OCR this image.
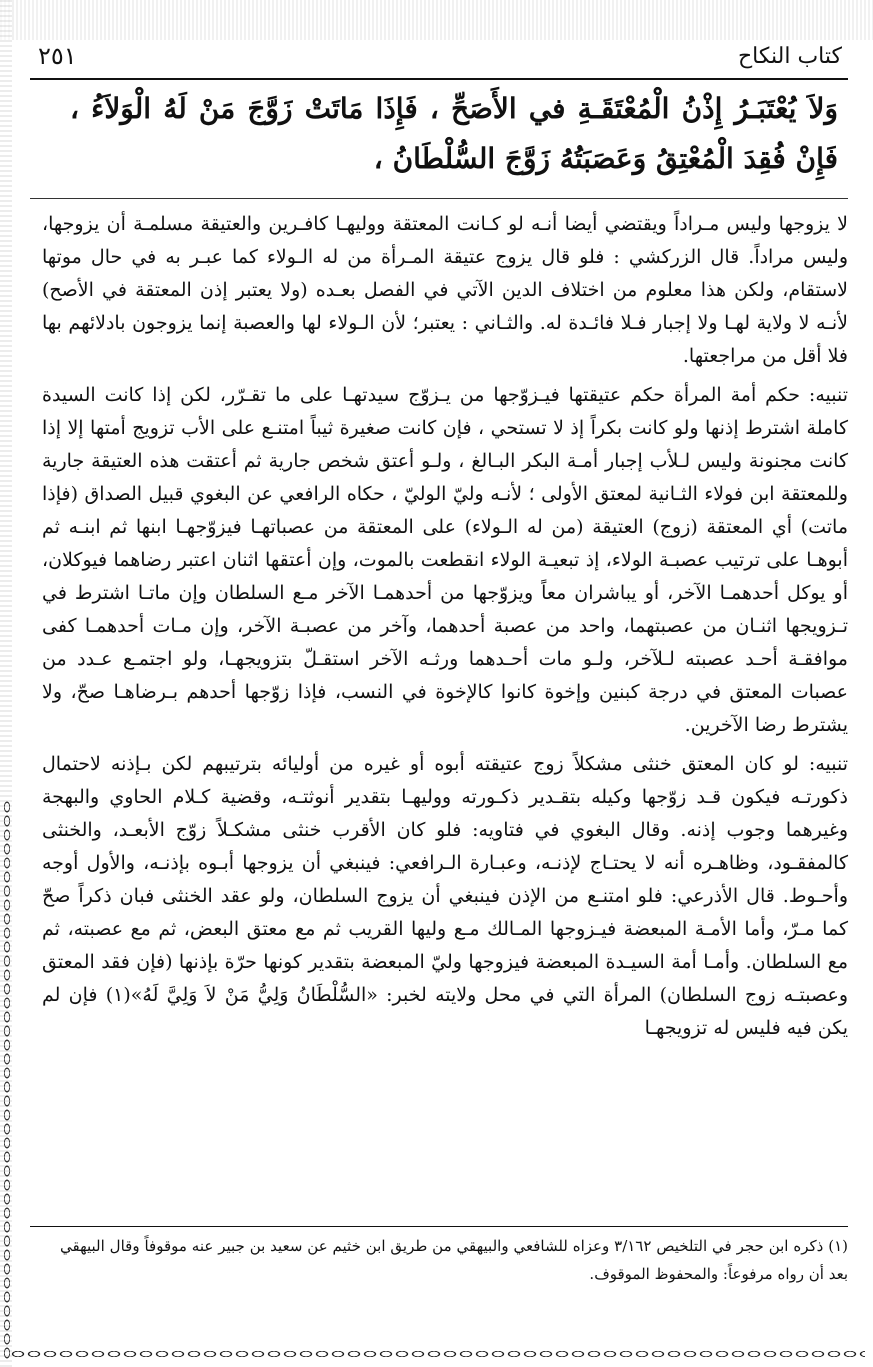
٢٥١	كتاب النكاح
وَلاَ يُعْتَبَـرُ إِذْنُ الْمُعْتَقَـةِ في الأَصَحِّ ، فَإِذَا مَاتَتْ زَوَّجَ مَنْ لَهُ الْوَلاَءُ ، فَإِنْ فُقِدَ الْمُعْتِقُ وَعَصَبَتُهُ زَوَّجَ السُّلْطَانُ ،

لا يزوجها وليس مـراداً ويقتضي أيضا أنـه لو كـانت المعتقة ووليهـا كافـرين والعتيقة مسلمـة أن يزوجها، وليس مراداً. قال الزركشي : فلو قال يزوج عتيقة المـرأة من له الـولاء كما عبـر به في حال موتها لاستقام، ولكن هذا معلوم من اختلاف الدين الآتي في الفصل بعـده (ولا يعتبر إذن المعتقة في الأصح) لأنـه لا ولاية لهـا ولا إجبار فـلا فائـدة له. والثـاني : يعتبر؛ لأن الـولاء لها والعصبة إنما يزوجون بادلائهم بها فلا أقل من مراجعتها.

تنبيه: حكم أمة المرأة حكم عتيقتها فيـزوّجها من يـزوّج سيدتهـا على ما تقـرّر، لكن إذا كانت السيدة كاملة اشترط إذنها ولو كانت بكراً إذ لا تستحي ، فإن كانت صغيرة ثيباً امتنـع على الأب تزويج أمتها إلا إذا كانت مجنونة وليس لـلأب إجبار أمـة البكر البـالغ ، ولـو أعتق شخص جارية ثم أعتقت هذه العتيقة جارية وللمعتقة ابن فولاء الثـانية لمعتق الأولى ؛ لأنـه وليّ الوليّ ، حكاه الرافعي عن البغوي قبيل الصداق (فإذا ماتت) أي المعتقة (زوج) العتيقة (من له الـولاء) على المعتقة من عصباتهـا فيزوّجهـا ابنها ثم ابنـه ثم أبوهـا على ترتيب عصبـة الولاء، إذ تبعيـة الولاء انقطعت بالموت، وإن أعتقها اثنان اعتبر رضاهما فيوكلان، أو يوكل أحدهمـا الآخر، أو يباشران معاً ويزوّجها من أحدهمـا الآخر مـع السلطان وإن ماتـا اشترط في تـزويجها اثنـان من عصبتهما، واحد من عصبة أحدهما، وآخر من عصبـة الآخر، وإن مـات أحدهمـا كفى موافقـة أحـد عصبته لـلآخر، ولـو مات أحـدهما ورثـه الآخر استقـلّ بتزويجهـا، ولو اجتمـع عـدد من عصبات المعتق في درجة كبنين وإخوة كانوا كالإخوة في النسب، فإذا زوّجها أحدهم بـرضاهـا صحّ، ولا يشترط رضا الآخرين.

تنبيه: لو كان المعتق خنثى مشكلاً زوج عتيقته أبوه أو غيره من أوليائه بترتيبهم لكن بـإذنه لاحتمال ذكورتـه فيكون قـد زوّجها وكيله بتقـدير ذكـورته ووليهـا بتقدير أنوثتـه، وقضية كـلام الحاوي والبهجة وغيرهما وجوب إذنه. وقال البغوي في فتاويه: فلو كان الأقرب خنثى مشكـلاً زوّج الأبعـد، والخنثى كالمفقـود، وظاهـره أنه لا يحتـاج لإذنـه، وعبـارة الـرافعي: فينبغي أن يزوجها أبـوه بإذنـه، والأول أوجه وأحـوط. قال الأذرعي: فلو امتنـع من الإذن فينبغي أن يزوج السلطان، ولو عقد الخنثى فبان ذكراً صحّ كما مـرّ، وأما الأمـة المبعضة فيـزوجها المـالك مـع وليها القريب ثم مع معتق البعض، ثم مع عصبته، ثم مع السلطان. وأمـا أمة السيـدة المبعضة فيزوجها وليّ المبعضة بتقدير كونها حرّة بإذنها (فإن فقد المعتق وعصبتـه زوج السلطان) المرأة التي في محل ولايته لخبر: «السُّلْطَانُ وَلِيُّ مَنْ لاَ وَلِيَّ لَهُ»(١) فإن لم يكن فيه فليس له تزويجهـا

(١) ذكره ابن حجر في التلخيص ٣/١٦٢ وعزاه للشافعي والبيهقي من طريق ابن خثيم عن سعيد بن جبير عنه موقوفاً وقال البيهقي بعد أن رواه مرفوعاً: والمحفوظ الموقوف.
